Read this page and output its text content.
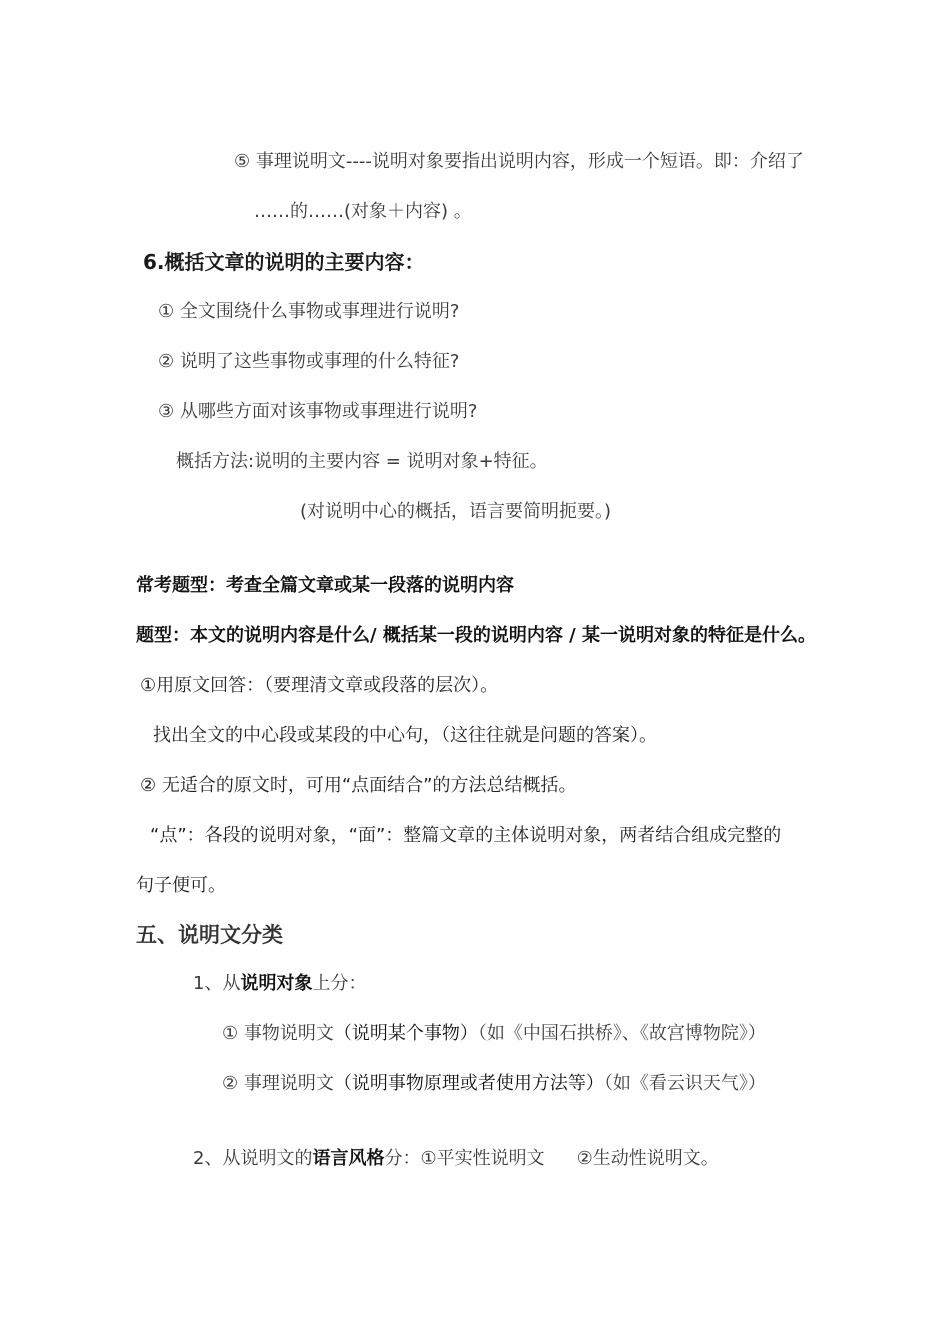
⑤ 事理说明文----说明对象要指出说明内容，形成一个短语。即：介绍了
……的……(对象＋内容) 。
6.概括文章的说明的主要内容：
① 全文围绕什么事物或事理进行说明?
② 说明了这些事物或事理的什么特征?
③ 从哪些方面对该事物或事理进行说明?
概括方法:说明的主要内容 = 说明对象+特征。
(对说明中心的概括，语言要简明扼要。)
常考题型：考查全篇文章或某一段落的说明内容
题型：本文的说明内容是什么/ 概括某一段的说明内容 / 某一说明对象的特征是什么。
①用原文回答：（要理清文章或段落的层次）。
找出全文的中心段或某段的中心句，（这往往就是问题的答案）。
② 无适合的原文时，可用“点面结合”的方法总结概括。
“点”：各段的说明对象，“面”：整篇文章的主体说明对象，两者结合组成完整的
句子便可。
五、说明文分类
1、从说明对象上分：
① 事物说明文（说明某个事物）（如《中国石拱桥》、《故宫博物院》）
② 事理说明文（说明事物原理或者使用方法等）（如《看云识天气》）
2、从说明文的语言风格分：①平实性说明文 ②生动性说明文。
